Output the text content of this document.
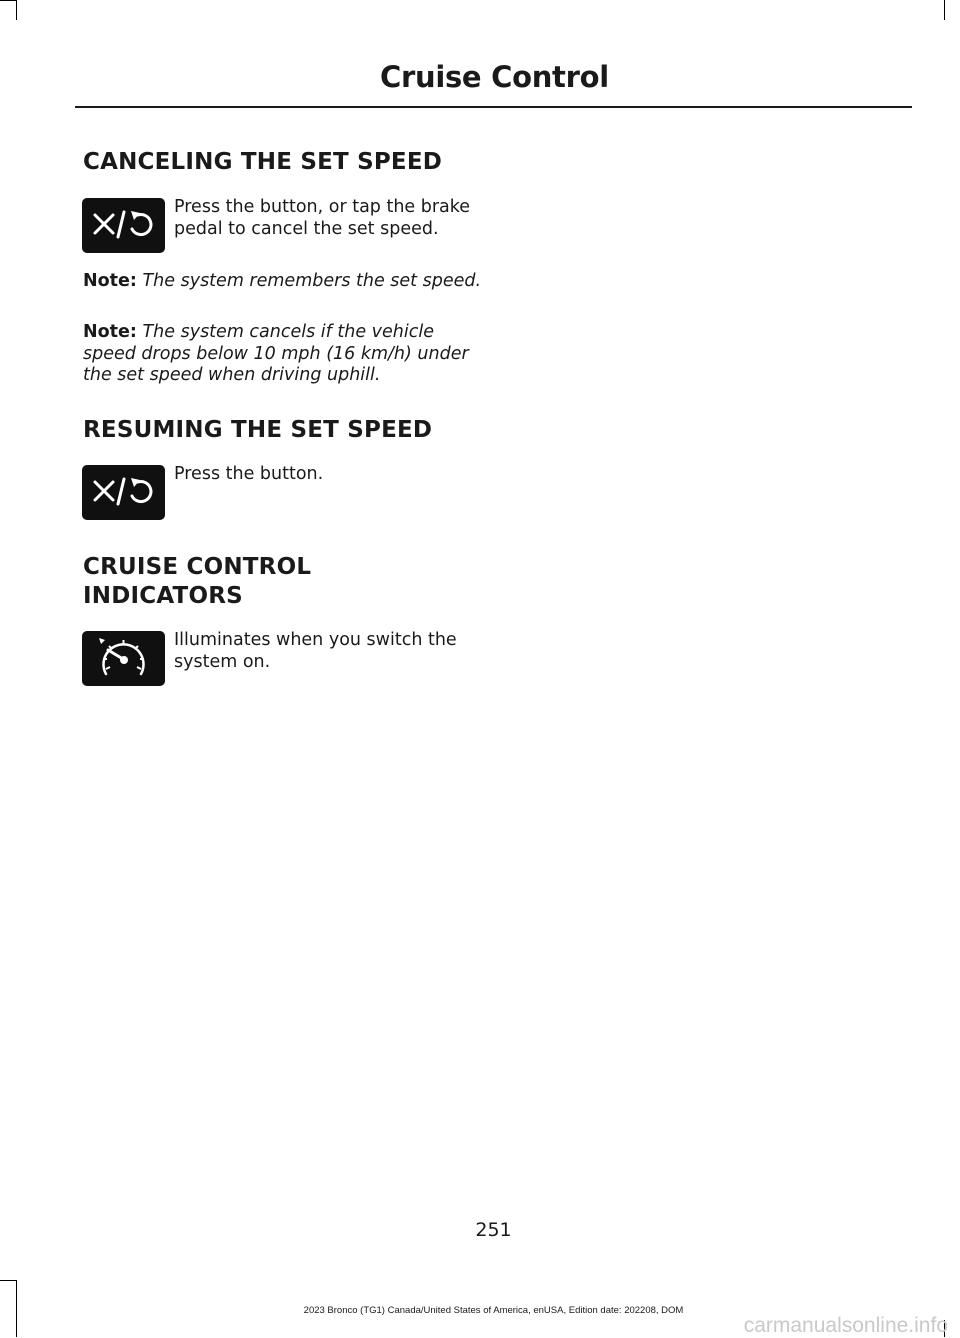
Cruise Control
CANCELING THE SET SPEED
Press the button, or tap the brake pedal to cancel the set speed.
Note: The system remembers the set speed.
Note: The system cancels if the vehicle speed drops below 10 mph (16 km/h) under the set speed when driving uphill.
RESUMING THE SET SPEED
Press the button.
CRUISE CONTROL
INDICATORS
Illuminates when you switch the system on.
251
2023 Bronco (TG1) Canada/United States of America, enUSA, Edition date: 202208, DOM
carmanualsonline.info
